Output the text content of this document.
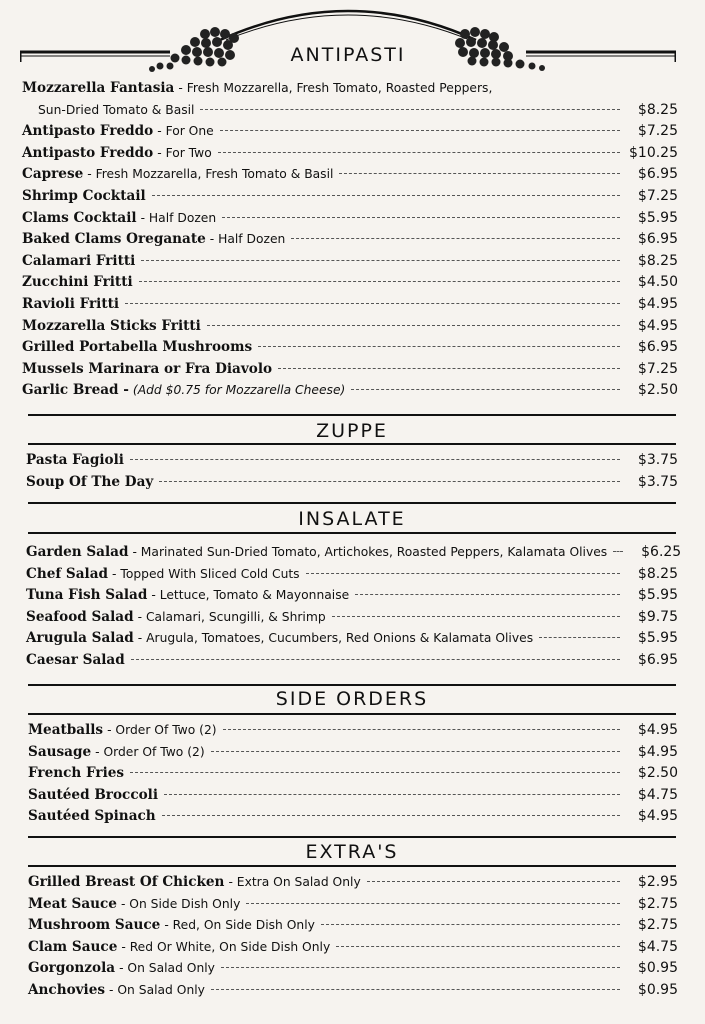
ANTIPASTI
Mozzarella Fantasia - Fresh Mozzarella, Fresh Tomato, Roasted Peppers,
Sun-Dried Tomato & Basil	$8.25
Antipasto Freddo - For One	$7.25
Antipasto Freddo - For Two	$10.25
Caprese - Fresh Mozzarella, Fresh Tomato & Basil	$6.95
Shrimp Cocktail	$7.25
Clams Cocktail - Half Dozen	$5.95
Baked Clams Oreganate - Half Dozen	$6.95
Calamari Fritti	$8.25
Zucchini Fritti	$4.50
Ravioli Fritti	$4.95
Mozzarella Sticks Fritti	$4.95
Grilled Portabella Mushrooms	$6.95
Mussels Marinara or Fra Diavolo	$7.25
Garlic Bread - (Add $0.75 for Mozzarella Cheese)	$2.50
ZUPPE
Pasta Fagioli	$3.75
Soup Of The Day	$3.75
INSALATE
Garden Salad - Marinated Sun-Dried Tomato, Artichokes, Roasted Peppers, Kalamata Olives	$6.25
Chef Salad - Topped With Sliced Cold Cuts	$8.25
Tuna Fish Salad - Lettuce, Tomato & Mayonnaise	$5.95
Seafood Salad - Calamari, Scungilli, & Shrimp	$9.75
Arugula Salad - Arugula, Tomatoes, Cucumbers, Red Onions & Kalamata Olives	$5.95
Caesar Salad	$6.95
SIDE ORDERS
Meatballs - Order Of Two (2)	$4.95
Sausage - Order Of Two (2)	$4.95
French Fries	$2.50
Sautéed Broccoli	$4.75
Sautéed Spinach	$4.95
EXTRA'S
Grilled Breast Of Chicken - Extra On Salad Only	$2.95
Meat Sauce - On Side Dish Only	$2.75
Mushroom Sauce - Red, On Side Dish Only	$2.75
Clam Sauce - Red Or White, On Side Dish Only	$4.75
Gorgonzola - On Salad Only	$0.95
Anchovies - On Salad Only	$0.95
